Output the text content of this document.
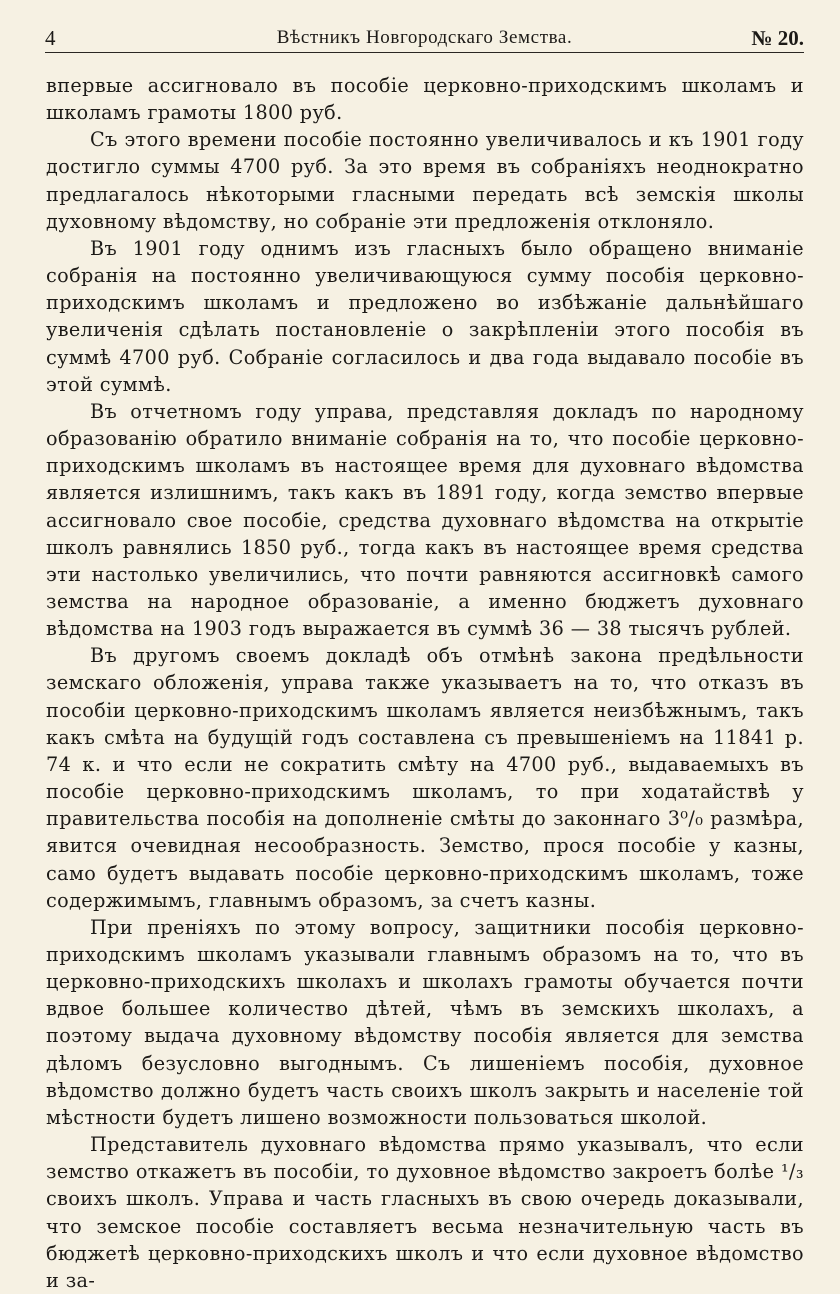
4	Вѣстникъ Новгородскаго Земства.	№ 20.

впервые ассигновало въ пособіе церковно-приходскимъ школамъ и школамъ грамоты 1800 руб.

Съ этого времени пособіе постоянно увеличивалось и къ 1901 году достигло суммы 4700 руб. За это время въ собраніяхъ неоднократно предлагалось нѣкоторыми гласными передать всѣ земскія школы духовному вѣдомству, но собраніе эти предложенія отклоняло.

Въ 1901 году однимъ изъ гласныхъ было обращено вниманіе собранія на постоянно увеличивающуюся сумму пособія церковно-приходскимъ школамъ и предложено во избѣжаніе дальнѣйшаго увеличенія сдѣлать постановленіе о закрѣпленіи этого пособія въ суммѣ 4700 руб. Собраніе согласилось и два года выдавало пособіе въ этой суммѣ.

Въ отчетномъ году управа, представляя докладъ по народному образованію обратило вниманіе собранія на то, что пособіе церковно-приходскимъ школамъ въ настоящее время для духовнаго вѣдомства является излишнимъ, такъ какъ въ 1891 году, когда земство впервые ассигновало свое пособіе, средства духовнаго вѣдомства на открытіе школъ равнялись 1850 руб., тогда какъ въ настоящее время средства эти настолько увеличились, что почти равняются ассигновкѣ самого земства на народное образованіе, а именно бюджетъ духовнаго вѣдомства на 1903 годъ выражается въ суммѣ 36 — 38 тысячъ рублей.

Въ другомъ своемъ докладѣ объ отмѣнѣ закона предѣльности земскаго обложенія, управа также указываетъ на то, что отказъ въ пособіи церковно-приходскимъ школамъ является неизбѣжнымъ, такъ какъ смѣта на будущій годъ составлена съ превышеніемъ на 11841 р. 74 к. и что если не сократить смѣту на 4700 руб., выдаваемыхъ въ пособіе церковно-приходскимъ школамъ, то при ходатайствѣ у правительства пособія на дополненіе смѣты до законнаго 3⁰/₀ размѣра, явится очевидная несообразность. Земство, прося пособіе у казны, само будетъ выдавать пособіе церковно-приходскимъ школамъ, тоже содержимымъ, главнымъ образомъ, за счетъ казны.

При преніяхъ по этому вопросу, защитники пособія церковно-приходскимъ школамъ указывали главнымъ образомъ на то, что въ церковно-приходскихъ школахъ и школахъ грамоты обучается почти вдвое большее количество дѣтей, чѣмъ въ земскихъ школахъ, а поэтому выдача духовному вѣдомству пособія является для земства дѣломъ безусловно выгоднымъ. Съ лишеніемъ пособія, духовное вѣдомство должно будетъ часть своихъ школъ закрыть и населеніе той мѣстности будетъ лишено возможности пользоваться школой.

Представитель духовнаго вѣдомства прямо указывалъ, что если земство откажетъ въ пособіи, то духовное вѣдомство закроетъ болѣе ¹/₃ своихъ школъ. Управа и часть гласныхъ въ свою очередь доказывали, что земское пособіе составляетъ весьма незначительную часть въ бюджетѣ церковно-приходскихъ школъ и что если духовное вѣдомство и за-
